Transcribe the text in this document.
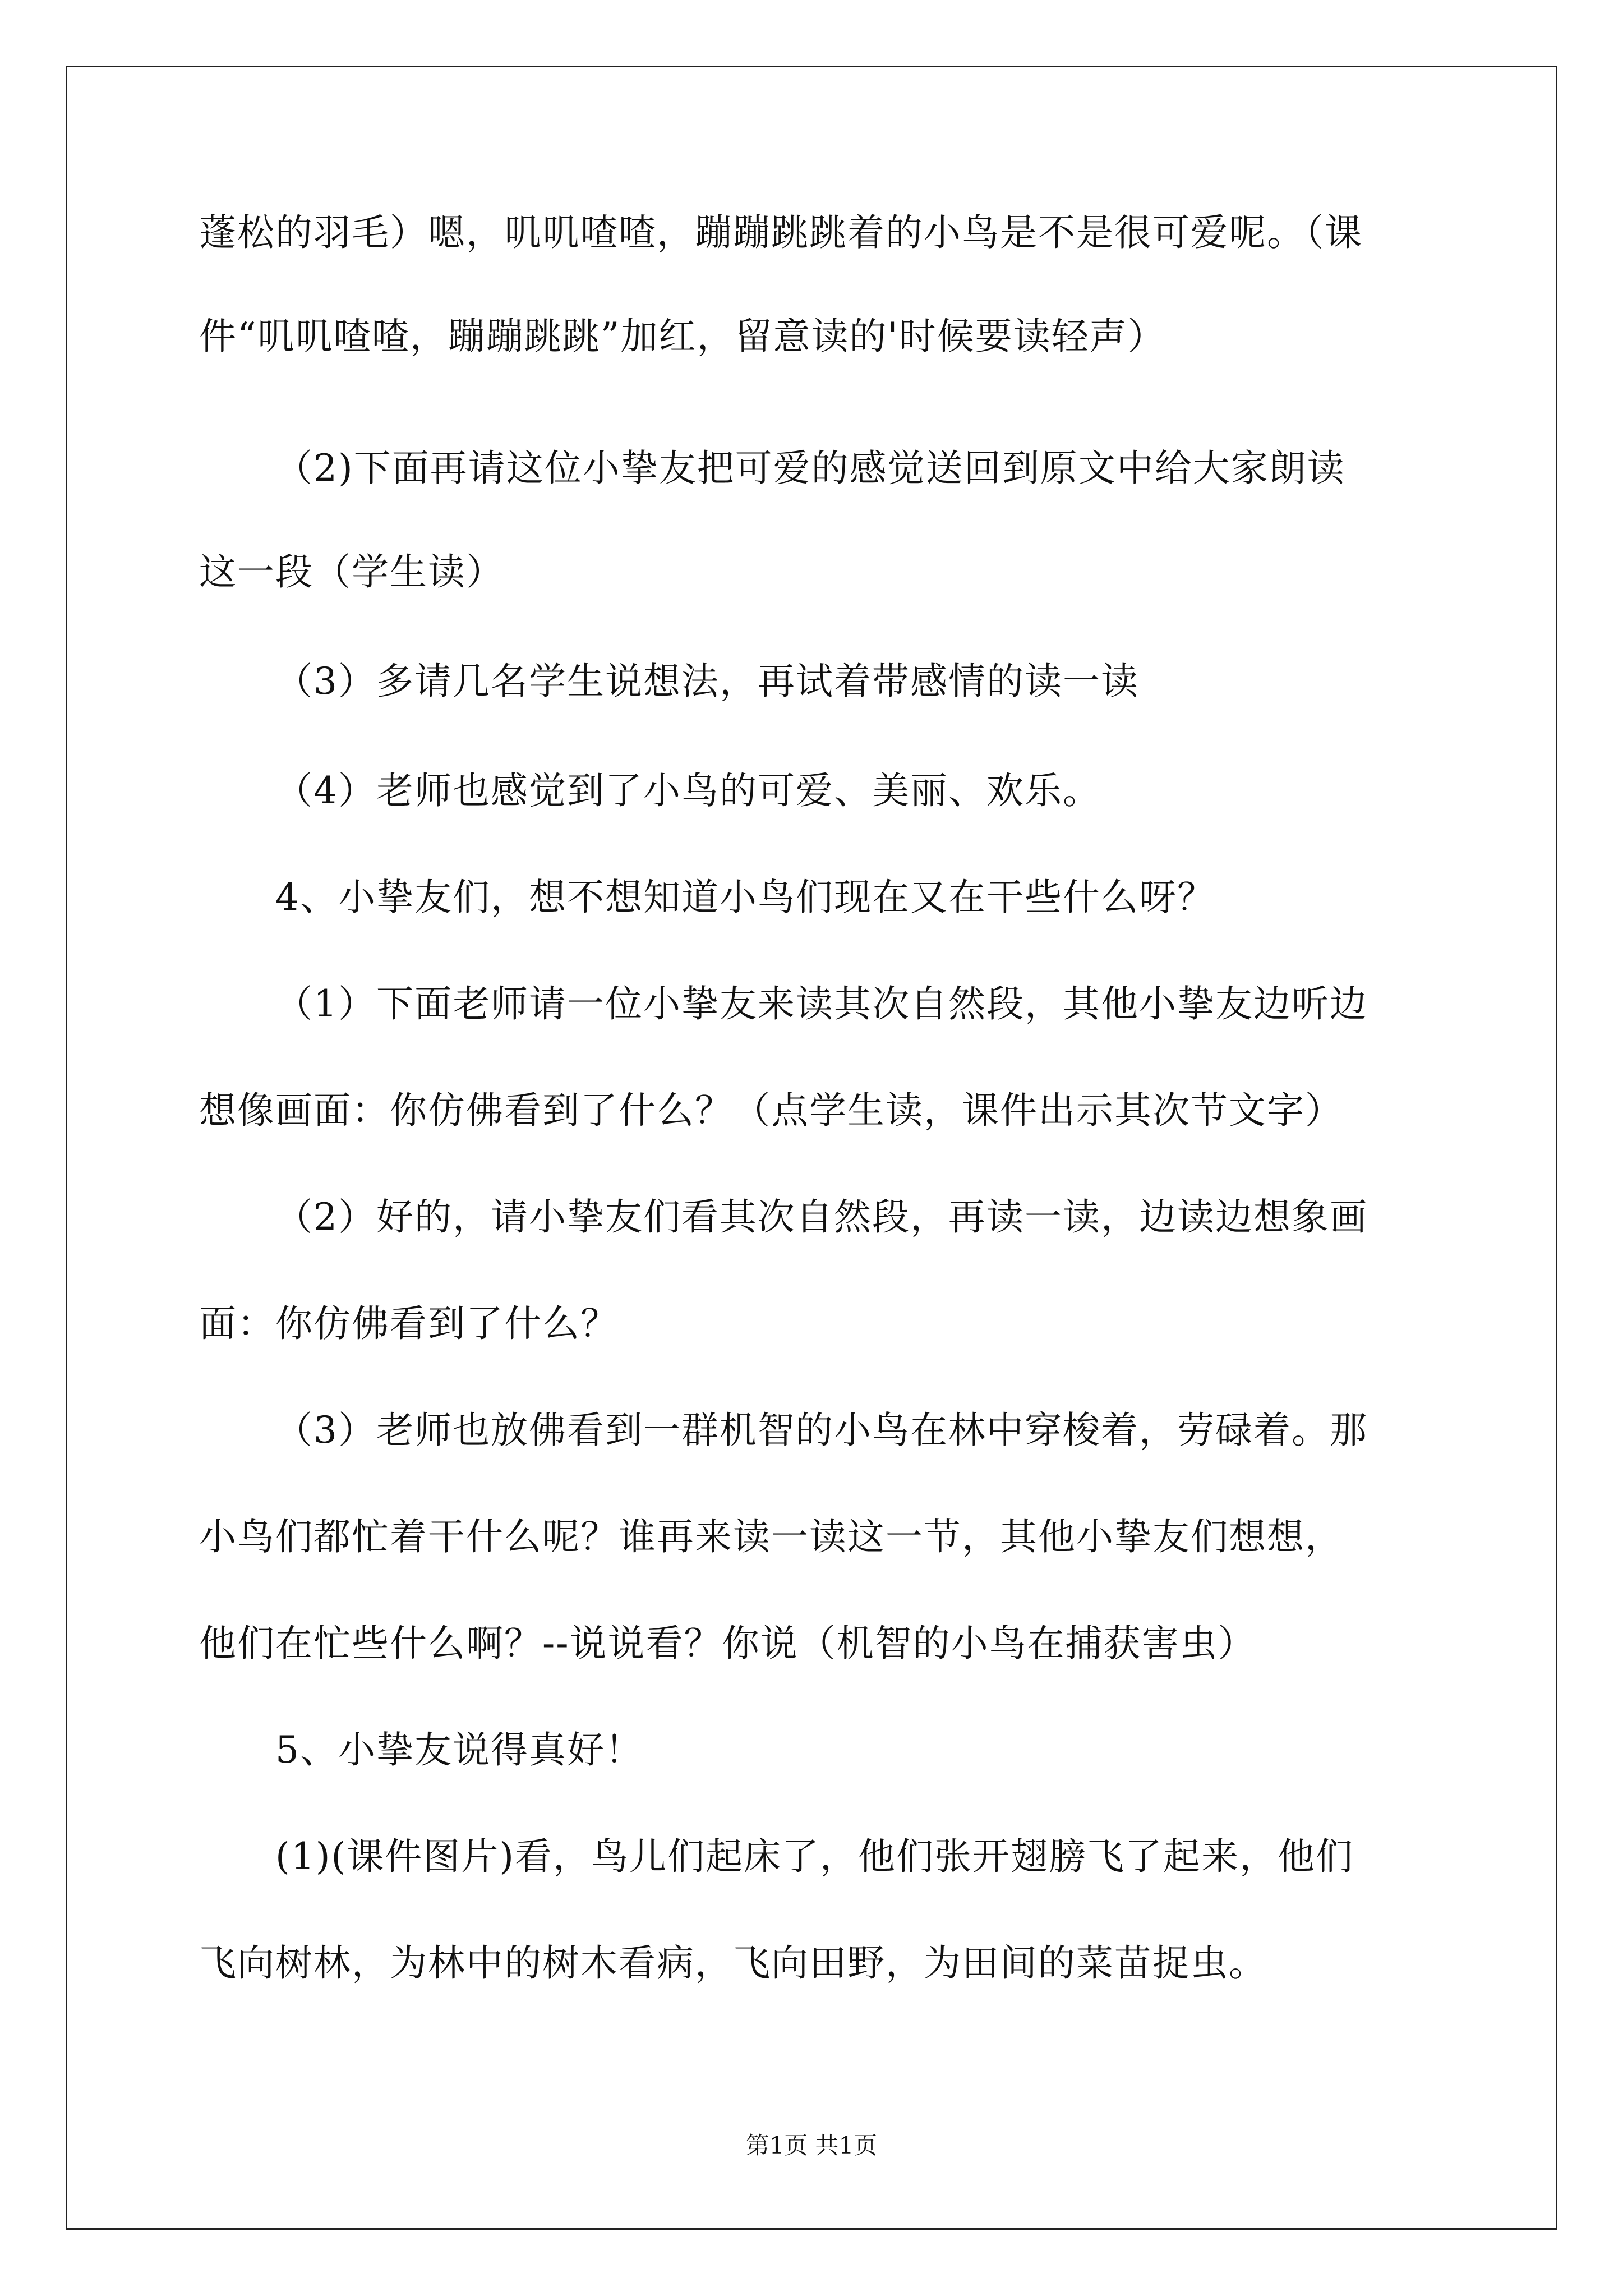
蓬松的羽毛）嗯，叽叽喳喳，蹦蹦跳跳着的小鸟是不是很可爱呢。（课
件“叽叽喳喳，蹦蹦跳跳”加红，留意读的'时候要读轻声）
（2)下面再请这位小挚友把可爱的感觉送回到原文中给大家朗读
这一段（学生读）
（3）多请几名学生说想法，再试着带感情的读一读
（4）老师也感觉到了小鸟的可爱、美丽、欢乐。
4、小挚友们，想不想知道小鸟们现在又在干些什么呀？
（1）下面老师请一位小挚友来读其次自然段，其他小挚友边听边
想像画面：你仿佛看到了什么？（点学生读，课件出示其次节文字）
（2）好的，请小挚友们看其次自然段，再读一读，边读边想象画
面：你仿佛看到了什么？
（3）老师也放佛看到一群机智的小鸟在林中穿梭着，劳碌着。那
小鸟们都忙着干什么呢？谁再来读一读这一节，其他小挚友们想想，
他们在忙些什么啊？--说说看？你说（机智的小鸟在捕获害虫）
5、小挚友说得真好！
(1)(课件图片)看，鸟儿们起床了，他们张开翅膀飞了起来，他们
飞向树林，为林中的树木看病，飞向田野，为田间的菜苗捉虫。
第1页 共1页
